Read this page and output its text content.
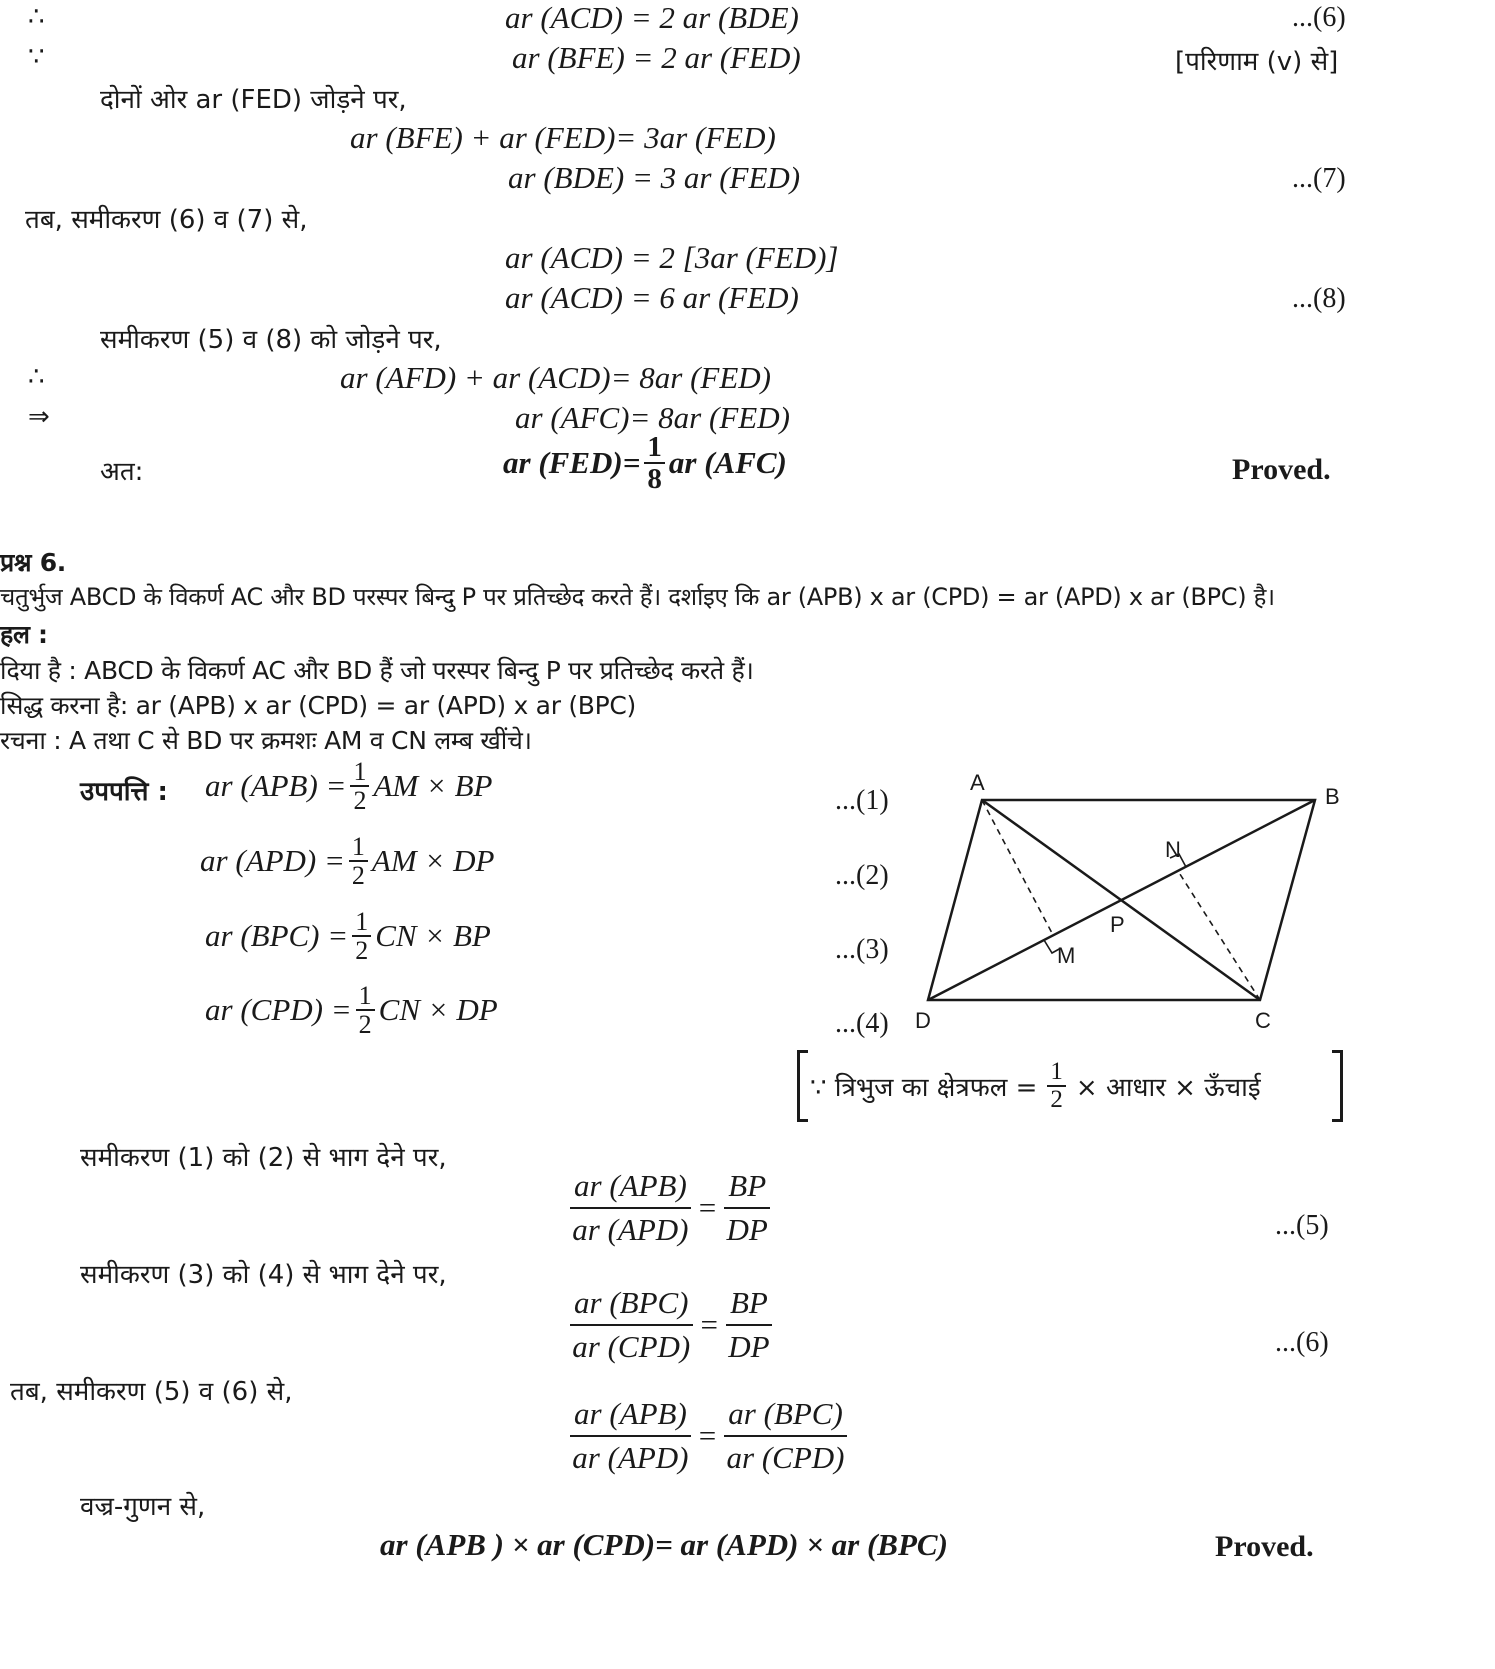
∴	ar (ACD) = 2 ar (BDE)	...(6)
∵	ar (BFE) = 2 ar (FED)	[परिणाम (v) से]
दोनों ओर ar (FED) जोड़ने पर,
ar (BFE) + ar (FED)= 3ar (FED)
ar (BDE) = 3 ar (FED)	...(7)
तब, समीकरण (6) व (7) से,
ar (ACD) = 2 [3ar (FED)]
ar (ACD) = 6 ar (FED)	...(8)
समीकरण (5) व (8) को जोड़ने पर,
∴	ar (AFD) + ar (ACD)= 8ar (FED)
⇒	ar (AFC)= 8ar (FED)
अत:	ar $(FED)= \frac{1}{8}$ ar (AFC)	Proved.
प्रश्न 6.
चतुर्भुज ABCD के विकर्ण AC और BD परस्पर बिन्दु P पर प्रतिच्छेद करते हैं। दर्शाइए कि ar (APB) x ar (CPD) = ar (APD) x ar (BPC) है।
हल :
दिया है : ABCD के विकर्ण AC और BD हैं जो परस्पर बिन्दु P पर प्रतिच्छेद करते हैं।
सिद्ध करना है: ar (APB) x ar (CPD) = ar (APD) x ar (BPC)
रचना : A तथा C से BD पर क्रमशः AM व CN लम्ब खींचे।
उपपत्ति : ar $(APB) = \frac{1}{2}$ AM × BP	...(1)
ar $(APD) = \frac{1}{2}$ AM × DP	...(2)
ar $(BPC) = \frac{1}{2}$ CN × BP	...(3)
ar $(CPD) = \frac{1}{2}$ CN × DP	...(4)
A
B
C
D
P
M
N
∵ त्रिभुज का क्षेत्रफल = $\frac{1}{2}$ × आधार × ऊँचाई
समीकरण (1) को (2) से भाग देने पर,
$\frac{\text{ar (APB)}}{\text{ar (APD)}} = \frac{BP}{DP}$	...(5)
समीकरण (3) को (4) से भाग देने पर,
$\frac{\text{ar (BPC)}}{\text{ar (CPD)}} = \frac{BP}{DP}$	...(6)
तब, समीकरण (5) व (6) से,
$\frac{\text{ar (APB)}}{\text{ar (APD)}} = \frac{\text{ar (BPC)}}{\text{ar (CPD)}}$
वज्र-गुणन से,
ar (APB ) × ar (CPD)= ar (APD) × ar (BPC)	Proved.
